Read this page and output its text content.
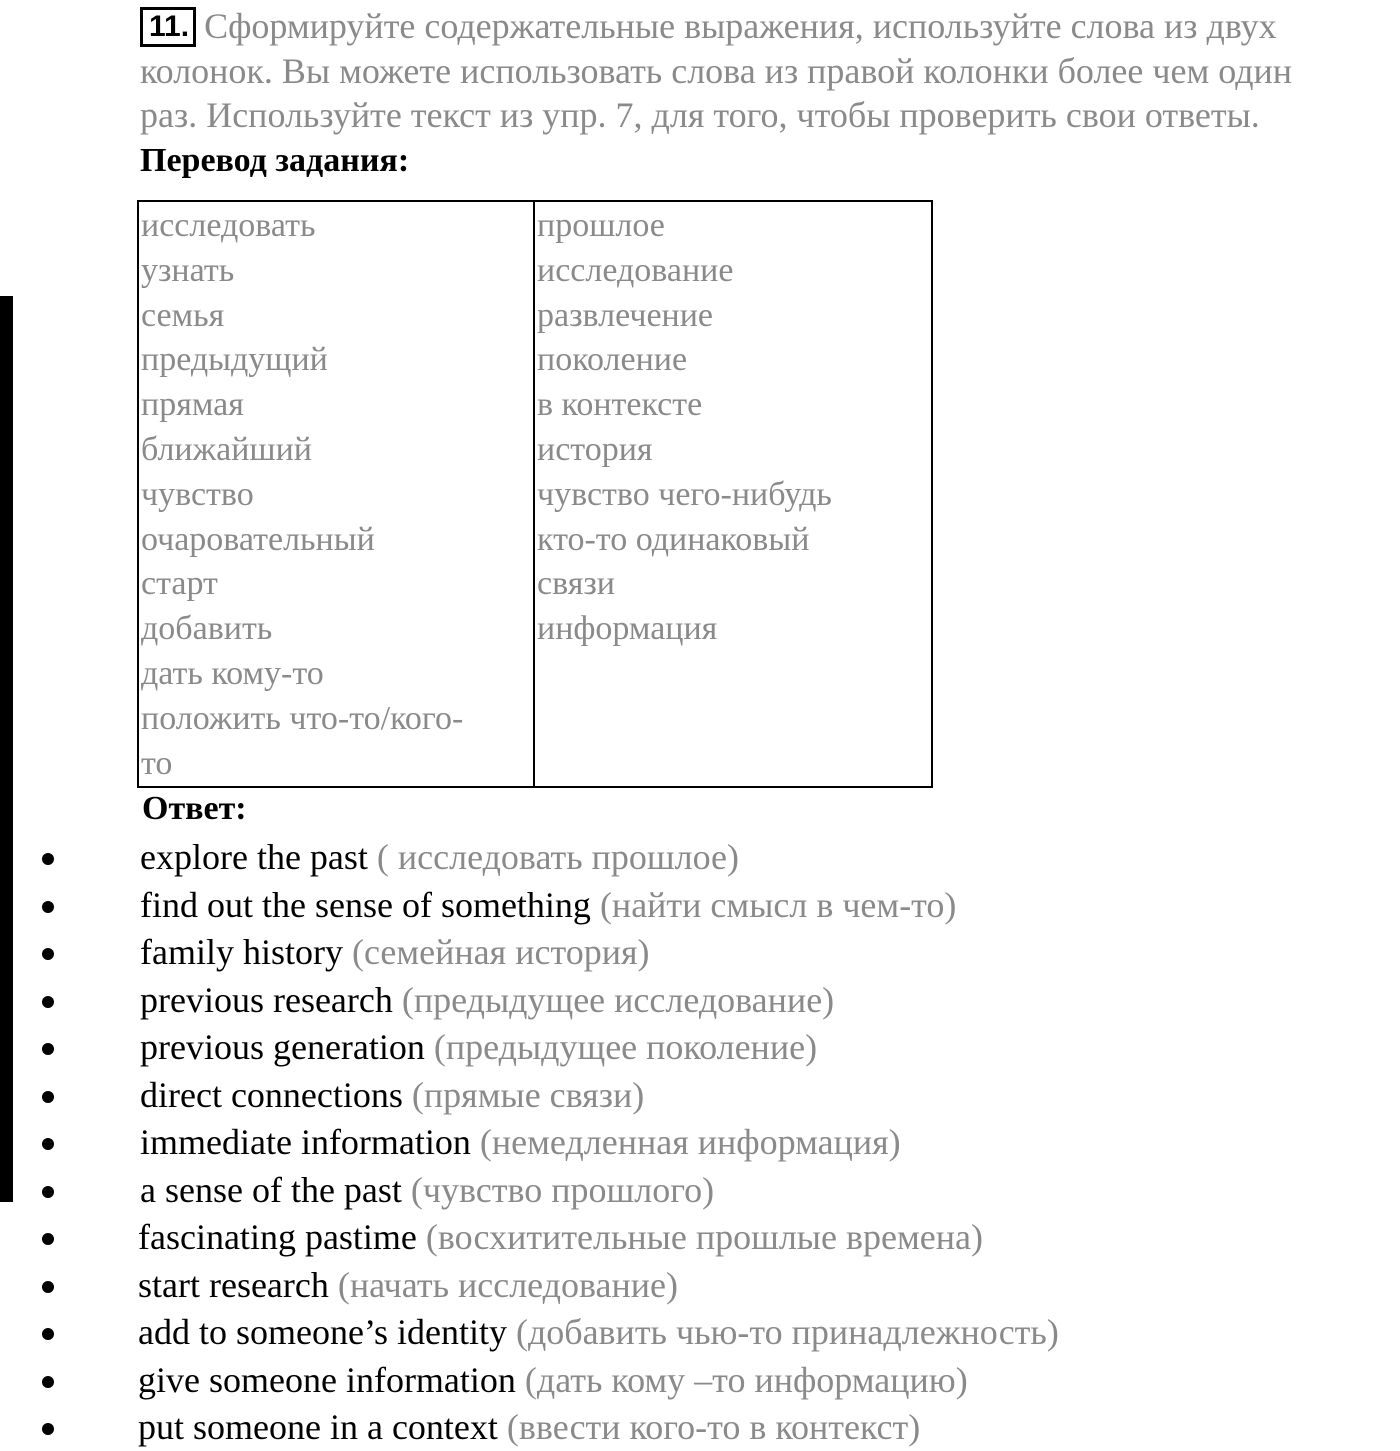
11. Сформируйте содержательные выражения, используйте слова из двух
колонок. Вы можете использовать слова из правой колонки более чем один
раз. Используйте текст из упр. 7, для того, чтобы проверить свои ответы.
Перевод задания:
исследовать
узнать
семья
предыдущий
прямая
ближайший
чувство
очаровательный
старт
добавить
дать кому-то
положить что-то/кого-
то
прошлое
исследование
развлечение
поколение
в контексте
история
чувство чего-нибудь
кто-то одинаковый
связи
информация
Ответ:
explore the past ( исследовать прошлое)
find out the sense of something (найти смысл в чем-то)
family history (семейная история)
previous research (предыдущее исследование)
previous generation (предыдущее поколение)
direct connections (прямые связи)
immediate information (немедленная информация)
a sense of the past (чувство прошлого)
fascinating pastime (восхитительные прошлые времена)
start research (начать исследование)
add to someone’s identity (добавить чью-то принадлежность)
give someone information (дать кому –то информацию)
put someone in a context (ввести кого-то в контекст)
